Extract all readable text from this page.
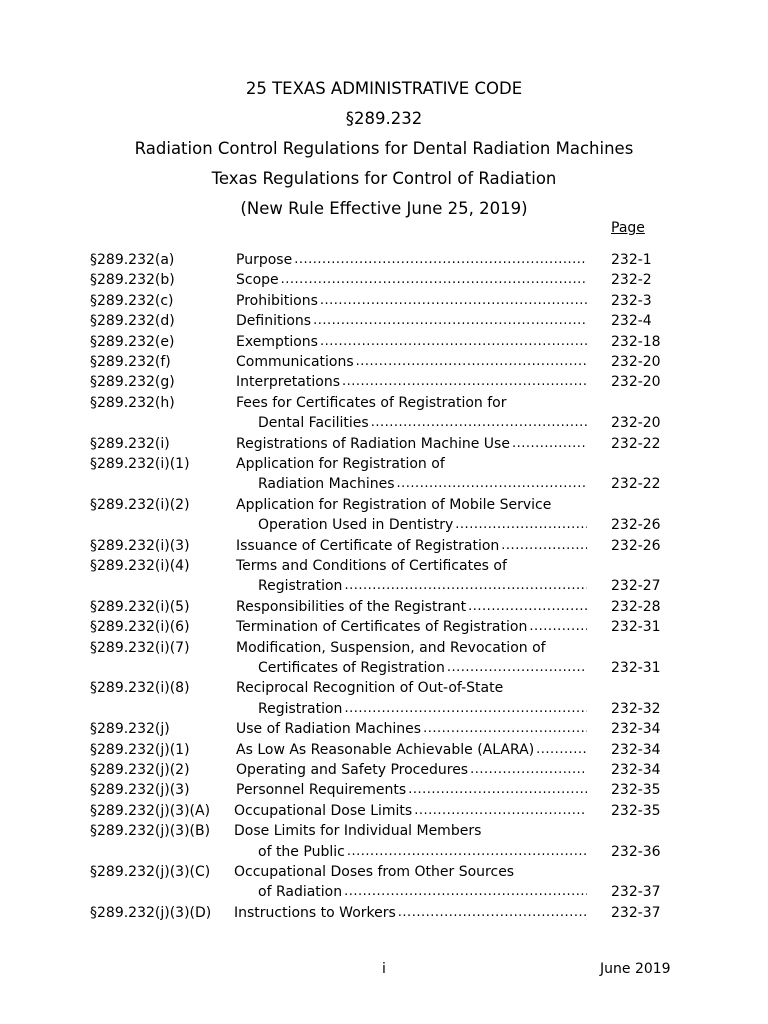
25 TEXAS ADMINISTRATIVE CODE
§289.232
Radiation Control Regulations for Dental Radiation Machines
Texas Regulations for Control of Radiation
(New Rule Effective June 25, 2019)
Page
§289.232(a)	Purpose .....	232-1
§289.232(b)	Scope .....	232-2
§289.232(c)	Prohibitions .....	232-3
§289.232(d)	Definitions .....	232-4
§289.232(e)	Exemptions .....	232-18
§289.232(f)	Communications .....	232-20
§289.232(g)	Interpretations .....	232-20
§289.232(h)	Fees for Certificates of Registration for
Dental Facilities .....	232-20
§289.232(i)	Registrations of Radiation Machine Use .....	232-22
§289.232(i)(1)	Application for Registration of
Radiation Machines .....	232-22
§289.232(i)(2)	Application for Registration of Mobile Service
Operation Used in Dentistry .....	232-26
§289.232(i)(3)	Issuance of Certificate of Registration .....	232-26
§289.232(i)(4)	Terms and Conditions of Certificates of
Registration .....	232-27
§289.232(i)(5)	Responsibilities of the Registrant .....	232-28
§289.232(i)(6)	Termination of Certificates of Registration .....	232-31
§289.232(i)(7)	Modification, Suspension, and Revocation of
Certificates of Registration .....	232-31
§289.232(i)(8)	Reciprocal Recognition of Out-of-State
Registration .....	232-32
§289.232(j)	Use of Radiation Machines .....	232-34
§289.232(j)(1)	As Low As Reasonable Achievable (ALARA) .....	232-34
§289.232(j)(2)	Operating and Safety Procedures .....	232-34
§289.232(j)(3)	Personnel Requirements .....	232-35
§289.232(j)(3)(A) Occupational Dose Limits .....	232-35
§289.232(j)(3)(B) Dose Limits for Individual Members
of the Public .....	232-36
§289.232(j)(3)(C) Occupational Doses from Other Sources
of Radiation .....	232-37
§289.232(j)(3)(D) Instructions to Workers .....	232-37
i	June 2019
